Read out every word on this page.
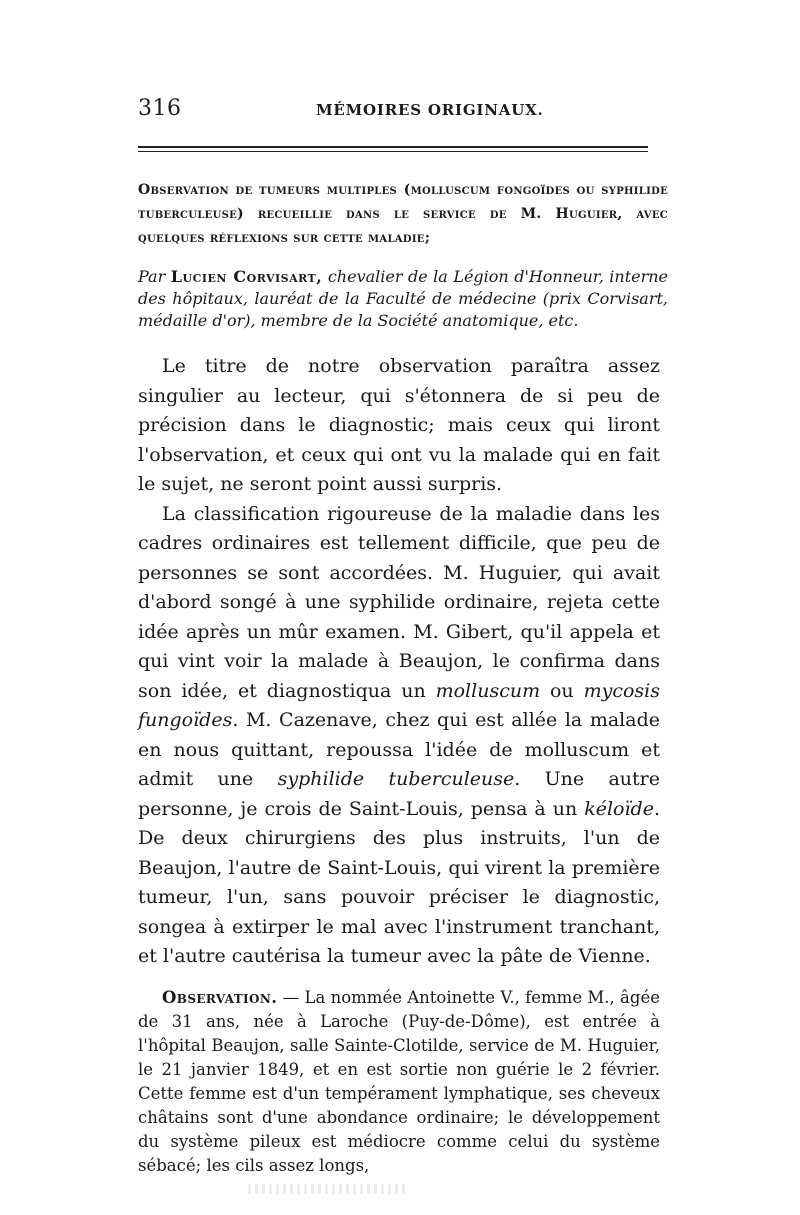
316	MÉMOIRES ORIGINAUX.
Observation de tumeurs multiples (molluscum fongoïdes ou syphilide tuberculeuse) recueillie dans le service de M. Huguier, avec quelques réflexions sur cette maladie;
Par Lucien Corvisart, chevalier de la Légion d'Honneur, interne des hôpitaux, lauréat de la Faculté de médecine (prix Corvisart, médaille d'or), membre de la Société anatomique, etc.

Le titre de notre observation paraîtra assez singulier au lecteur, qui s'étonnera de si peu de précision dans le diagnostic; mais ceux qui liront l'observation, et ceux qui ont vu la malade qui en fait le sujet, ne seront point aussi surpris.

La classification rigoureuse de la maladie dans les cadres ordinaires est tellement difficile, que peu de personnes se sont accordées. M. Huguier, qui avait d'abord songé à une syphilide ordinaire, rejeta cette idée après un mûr examen. M. Gibert, qu'il appela et qui vint voir la malade à Beaujon, le confirma dans son idée, et diagnostiqua un molluscum ou mycosis fungoïdes. M. Cazenave, chez qui est allée la malade en nous quittant, repoussa l'idée de molluscum et admit une syphilide tuberculeuse. Une autre personne, je crois de Saint-Louis, pensa à un kéloïde. De deux chirurgiens des plus instruits, l'un de Beaujon, l'autre de Saint-Louis, qui virent la première tumeur, l'un, sans pouvoir préciser le diagnostic, songea à extirper le mal avec l'instrument tranchant, et l'autre cautérisa la tumeur avec la pâte de Vienne.

Observation. — La nommée Antoinette V., femme M., âgée de 31 ans, née à Laroche (Puy-de-Dôme), est entrée à l'hôpital Beaujon, salle Sainte-Clotilde, service de M. Huguier, le 21 janvier 1849, et en est sortie non guérie le 2 février. Cette femme est d'un tempérament lymphatique, ses cheveux châtains sont d'une abondance ordinaire; le développement du système pileux est médiocre comme celui du système sébacé; les cils assez longs,
